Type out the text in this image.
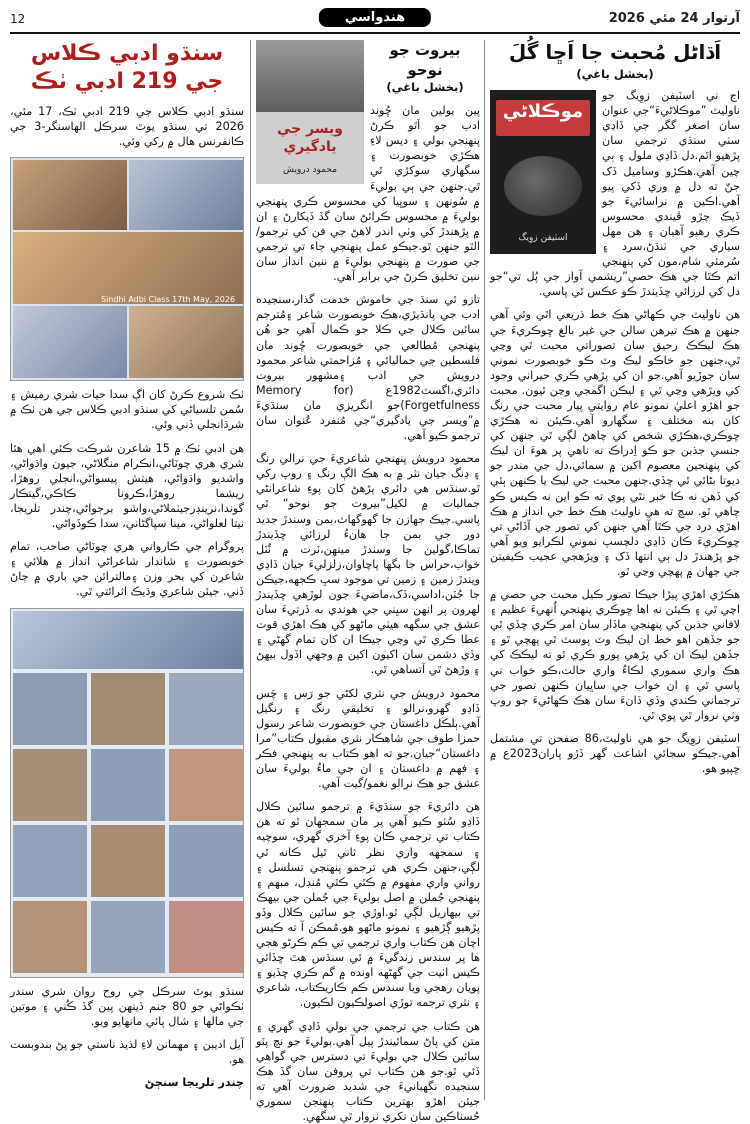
12	هندواسي	آرتوار 24 مئي 2026
اَڌاڻل مُحبت جا اَڇا گُلَ
(بخشل باغي)
موڪلاڻي
اسٽيفن زوِيگ

اج ني اسٽيفن زوِيگ جو ناوليٽ ”موڪلاڻيءَ“جي عنوان سان اصغر گگر جي ڏاڍي سٺي سنڌي ترجمي سان پڙهيو اٿم.دل ڏاڍي ملول ۽ ٻي چين آهي.هڪڙو وساميل ڏک جنّ ته دل ۾ وري ڏکي پيو آهي.اڪين ۾ نراسائيءَ جو ڏيڪ چڙو ڦيندي محسوس ڪري رهيو آهيان ۽ هن مهل سياري جي ٺنڌڻ،سرد ۽ سُرمئي شام،مون کي پنهنجي اتم ڪٿا جي هڪ حصي”ريشمي آواز جي پُل تي“جو دل کي لرزائي ڇڏيندڙ ڪو عڪس ٿي پاسي.

هن ناوليٽ جي ڪهاڻي هڪ خط ذريعي اٿي وئي آهي جنهن ۾ هڪ تيرهن سالن جي غير بالغ ڇوڪريءَ جي هڪ ليڪڪ رحيق سان تصوراتي محبت ٿي وڃي ٿي،جنهن جو خاڪو ليڪ وٽ ڪو خوبصورت نموني سان جوڙيو آهي.جو ان کي پڙهي ڪري حيراني وجود کي ويڙهي وڃي ٿي ۽ ليڪن اگمجي وڃن ٿيون. محبت جو اهڙو اعليٰ نمونو عام روايتي پيار محبت جي رنگ کان بنه مختلف ۽ سگهارو آهي.ڪيئن نه هڪڙي ڇوڪري،هڪڙي شخص کي چاهڻ لڳي ٿي جنهن کي جنسي جذبن جو ڪو اِدراڪ نه ناهي پر هوءَ ان ليڪ کي پنهنجين معصوم اکين ۾ سمائي،دل جي مندر جو ديوتا بڻائي ٿي ڇڏي.جنهن محبت جي ليڪ يا ڪنهن ٻئي کي ڏهن نه ڪا خبر نٿي پوي ته ڪو اين نه ڪيس ڪو چاهي ٿو. سچ ته هي ناوليٽ هڪ خط جي انداز ۾ هڪ اهڙي درد جي ڪٿا آهي جنهن کي تصور جي آڏاڻي تي ڇوڪريءَ ڪان ڏاڍي دلچسپ نموني لڪرايو ويو آهي جو پڙهندڙ دل ٻي انتها ڏک ۽ ويڙهجي عجيب ڪيفيتن جي جهان ۾ پهچي وڃي ٿو.

هڪڙي اهڙي پيڙا جيڪا تصور ڪيل محبت جي حصي ۾ اچي ٿي ۽ ڪيئن نه اها ڇوڪري پنهنجي اُنهيءَ عظيم ۽ لافاني جذبن کي پنهنجي ماڏار سان امر ڪري ڇڏي ٿي جو جڏهن اهو خط ان ليڪ وٽ پوسٽ ٿي پهچي ٿو ۽ جڏهن ليڪ ان کي پڙهي پورو ڪري ٿو ته ليڪڪ کي هڪ واري سموري لڪاءُ واري حالت،ڪو خواب ني پاسي ٿي ۽ ان خواب جي ساڀيان ڪنهن تصور جي ترجماني ڪندي وڏي ڏانءَ سان هڪ ڪهاڻيءَ جو روپ وٺي نروار ٿي پوي ٿي.

اسٽيفن زوِيگ جو هي ناوليٽ،86 صفحن تي مشتمل آهي.جيڪو سجائي اشاعت گهر ڏڙو پاران2023ع ۾ ڇپيو هو.

ويسر جي يادگيري
محمود درويش
بيروت جو نوحو
(بخشل باغي)

پين بولين مان ڇُوند ادب جو اَٿو ڪرڻ پنهنجي بولي ۽ ديس لاءِ هڪڙي خوبصورت ۽ سگهاري سوکڙي ٿي ٿي.جنهن جي ٻي بوليءَ ۾ سُونهن ۽ سوڀيا کي محسوس ڪري پنهنجي بوليءَ ۾ محسوس ڪرائڻ سان گڏ ڏيکارڻ ۽ ان ۾ پڙهندڙ کي وٺي اندر لاهڻ جي فن کي ترجمو/الٿو جنهن ٿو.جيڪو عمل پنهنجي جاء تي ترجمي جي صورت ۾ پنهنجي بوليءَ ۾ ننين انداز سان ننين تخليق ڪرڻ جي برابر آهي.

تازو ئي سنڌ جي خاموش خدمت گذار،سنجيده ادب جي پانڌيڙي،هڪ خوبصورت شاعر ۽مُترجم سائين ڪلال جي ڪلا جو ڪمال آهي جو هُن پنهنجي مُطالعي جي خوبصورت ڇُوند مان فلسطين جي جماليائي ۽ مُزاحمتي شاعر محمود درويش جي ادب ۽مشهور بيروت دائري،اگسٽ1982ع (Memory for Forgetfulness)جو انگريزي مان سنڌيءَ ۾”ويسر جي يادگيري“جي مُنفرد عُنوان سان ترجمو ڪيو آهي.

محمود درويش پنهنجي شاعريءَ جي نرالي رنگ ۽ ڍنگ جيان نثر ۾ به هڪ الڳ رنگ ۽ روپ رکي ٿو.سنڌس هي دائري پڙهڻ کان پوءِ شاعرانڻي جماليات ۾ لکيل”بيروت جو نوحو“ ٿي پاسي.جيڪ جهازن جا گهوگهاٽ،بمن وسندڙ جديد دور جي بمن جا هانءُ لرزائي ڇڏيندڙ تماڪا،گولين جا وسندڙ مينهن،ٽرت ۾ ٽُٽل خواب،حراس جا بگها پاچاوان،زلزليءَ جيان ڏاڍي ويندڙ زمين ۽ زمين تي موجود سڀ ڪجهه،جيڪن جا جُٽن،اداسي،ڏک،ماضيءَ جون لوڙهي ڇڏيندڙ لهرون پر انهن سڀني جي هوندي به ڏرتيءَ سان عشق جي سگهه هيٺي ماڻهو کي هڪ اهڙي قوت عطا ڪري ٿي وڃي جيڪا ان کان تمام گهڻي ۽ وڏي دشمن سان اکيون اکين ۾ وجهي اڏول بيهڻ ۽ وڙهڻ ٿي آتساهي ٿي.

محمود درويش جي نثري لکڻي جو رَس ۽ چَس ڏاڍو گهرو،نرالو ۽ تخليقي رنگ ۽ رنگيل آهي.ٻلڪل داغستان جي خوبصورت شاعر رسول حمزا طوف جي شاهڪار نثري مقبول ڪتاب”مرا داغستان“جيان.جو ته اهو ڪتاب به پنهنجي فڪر ۽ فهم ۾ داغستان ۽ ان جي ماءُ بوليءَ سان عشق جو هڪ نرالو نغمو/گيت آهي.

هن دائريءَ جو سنڌيءَ ۾ ترجمو سائين ڪلال ڏاڍو سُٺو ڪيو آهي پر مان سمجهان ٿو ته هن ڪتاب تي ترجمي ڪان پوءِ آخري گهري، سوچيه ۽ سمجهه واري نظر ثاني ٿيل ڪانه ٿي لڳي،جنهن ڪري هي ترجمو پنهنجي تسلسل ۽ رواني واري مفهوم ۾ ڪٿي ڪٿي مُنڊل، مبهم ۽ پنهنجي جُملن ۾ اصل بوليءَ جي جُملن جي بيهڪ تي بيهاريل لڳي ٿو.اوڙي جو سائين ڪلال وڏو پڙهيو ڳڙهيو ۽ نمونو ماڻهو هو.مُمڪن آ ته ڪيس اچان هن ڪتاب واري ترجمي تي ڪم ڪرڻو هجي ها پر سندس زندگيءَ ۾ ئي سنڌس هٿ ڇڏائي ڪيس اٺيت جي گهڻهه اونده ۾ گم ڪري ڇڏيو ۽ پويان رهجي ويا سندس ڪم ڪاريڪتاب، شاعري ۽ نثري ترجمه توڙي اصولڪيون لڪيون.

هن ڪتاب جي ترجمي جي بولي ڏاڍي گهري ۽ متن کي پاڻ سمائيندڙ پيل آهي.بوليءَ جو نچ پٽو سائين ڪلال جي بوليءَ تي دسترس جي گواهي ڏئي ٿو.جو هن ڪتاب تي پروفن سان گڏ هڪ سنجيده نگهبانيءَ جي شديد ضرورت آهي ته جيئن اهڙو بهترين ڪتاب پنهنجن سموري حُسناڪين سان نکري نروار ٿي سگهي.

سنڌو ادبي ڪلاس
جي 219 ادبي ٺڪ

سنڌو ادبي ڪلاس جي 219 ادبي ٺڪ، 17 مئي، 2026 تي سنڌو يوٿ سرڪل الهاسنگر-3 جي ڪانفرنس هال ۾ رکي وئي.

Sindhi Adbi Class 17th May, 2026

ٺڪ شروع ڪرڻ کان اڳ سدا حيات شري رميش ۽ سُمن تلسياڻي کي سنڌو ادبي ڪلاس جي هن ٺڪ ۾ شرڌانجلي ڏني وئي.

هن ادبي ٺڪ ۾ 15 شاعرن شرڪت ڪئي اهي هئا شري هري چوٽاڻي،انڪرام منگلاڻي، جيون واڌواڻي، واشديو واڌواڻي، هيتش پيسواڻي،انجلي روهڙا، ريشما روهڙا،ڪرونا ڪاڪي،گيتڪار گوندا،نرينڊرجيٺملاڻي،واشو برجواڻي،چندر تلريجا، نيتا لعلواڻي، مينا سپاگڻاني، سدا ڪوڏواڻي.

پروگرام جي ڪارواني هري چوٽاڻي صاحب، تمام خوبصورت ۽ شاندار شاعراڻي انداز ۾ هلائي ۽ شاعرن کي بحر وزن ۽مالترائن جي باري ۾ ڄاڻ ڏني. جيئن شاعري وڌيڪ اثرائتي ٿي.

سنڌو يوٿ سرڪل ڄي روح روان شري سندر ٺڪواڻي جو 80 جنم ڏينهن پين گڏ ڪُني ۽ موتين جي مالها ۽ شال پائي مانهايو ويو.

آيل اديبن ۽ مهمانن لاءِ لذيذ ناستي جو پڻ بندوبست هو.

چندر تلريجا سنڄڻ
